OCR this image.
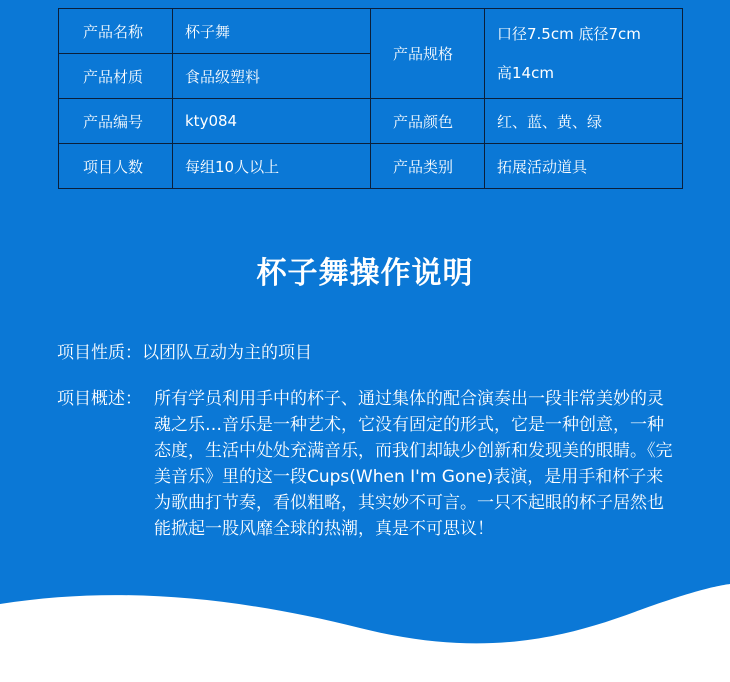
产品名称	杯子舞	产品规格	口径7.5cm 底径7cm
高14cm

产品材质	食品级塑料		
产品编号	kty084	产品颜色	红、蓝、黄、绿
项目人数	每组10人以上	产品类别	拓展活动道具
杯子舞操作说明
项目性质：以团队互动为主的项目
项目概述： 所有学员利用手中的杯子、通过集体的配合演奏出一段非常美妙的灵魂之乐…音乐是一种艺术，它没有固定的形式，它是一种创意，一种态度，生活中处处充满音乐，而我们却缺少创新和发现美的眼睛。《完美音乐》里的这一段Cups(When I'm Gone)表演，是用手和杯子来为歌曲打节奏，看似粗略，其实妙不可言。一只不起眼的杯子居然也能掀起一股风靡全球的热潮，真是不可思议！
